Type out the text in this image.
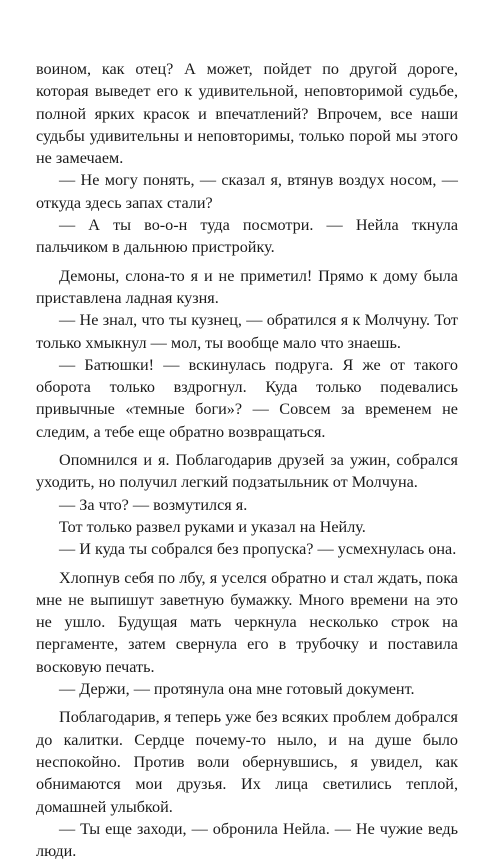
воином, как отец? А может, пойдет по другой дороге, которая выведет его к удивительной, неповторимой судьбе, полной ярких красок и впечатлений? Впрочем, все наши судьбы удивительны и неповторимы, только порой мы этого не замечаем.

— Не могу понять, — сказал я, втянув воздух носом, — откуда здесь запах стали?

— А ты во-о-н туда посмотри. — Нейла ткнула пальчиком в дальнюю пристройку.

Демоны, слона-то я и не приметил! Прямо к дому была приставлена ладная кузня.

— Не знал, что ты кузнец, — обратился я к Молчуну. Тот только хмыкнул — мол, ты вообще мало что знаешь.

— Батюшки! — вскинулась подруга. Я же от такого оборота только вздрогнул. Куда только подевались привычные «темные боги»? — Совсем за временем не следим, а тебе еще обратно возвращаться.

Опомнился и я. Поблагодарив друзей за ужин, собрался уходить, но получил легкий подзатыльник от Молчуна.

— За что? — возмутился я.

Тот только развел руками и указал на Нейлу.

— И куда ты собрался без пропуска? — усмехнулась она.

Хлопнув себя по лбу, я уселся обратно и стал ждать, пока мне не выпишут заветную бумажку. Много времени на это не ушло. Будущая мать черкнула несколько строк на пергаменте, затем свернула его в трубочку и поставила восковую печать.

— Держи, — протянула она мне готовый документ.

Поблагодарив, я теперь уже без всяких проблем добрался до калитки. Сердце почему-то ныло, и на душе было неспокойно. Против воли обернувшись, я увидел, как обнимаются мои друзья. Их лица светились теплой, домашней улыбкой.

— Ты еще заходи, — обронила Нейла. — Не чужие ведь люди.
